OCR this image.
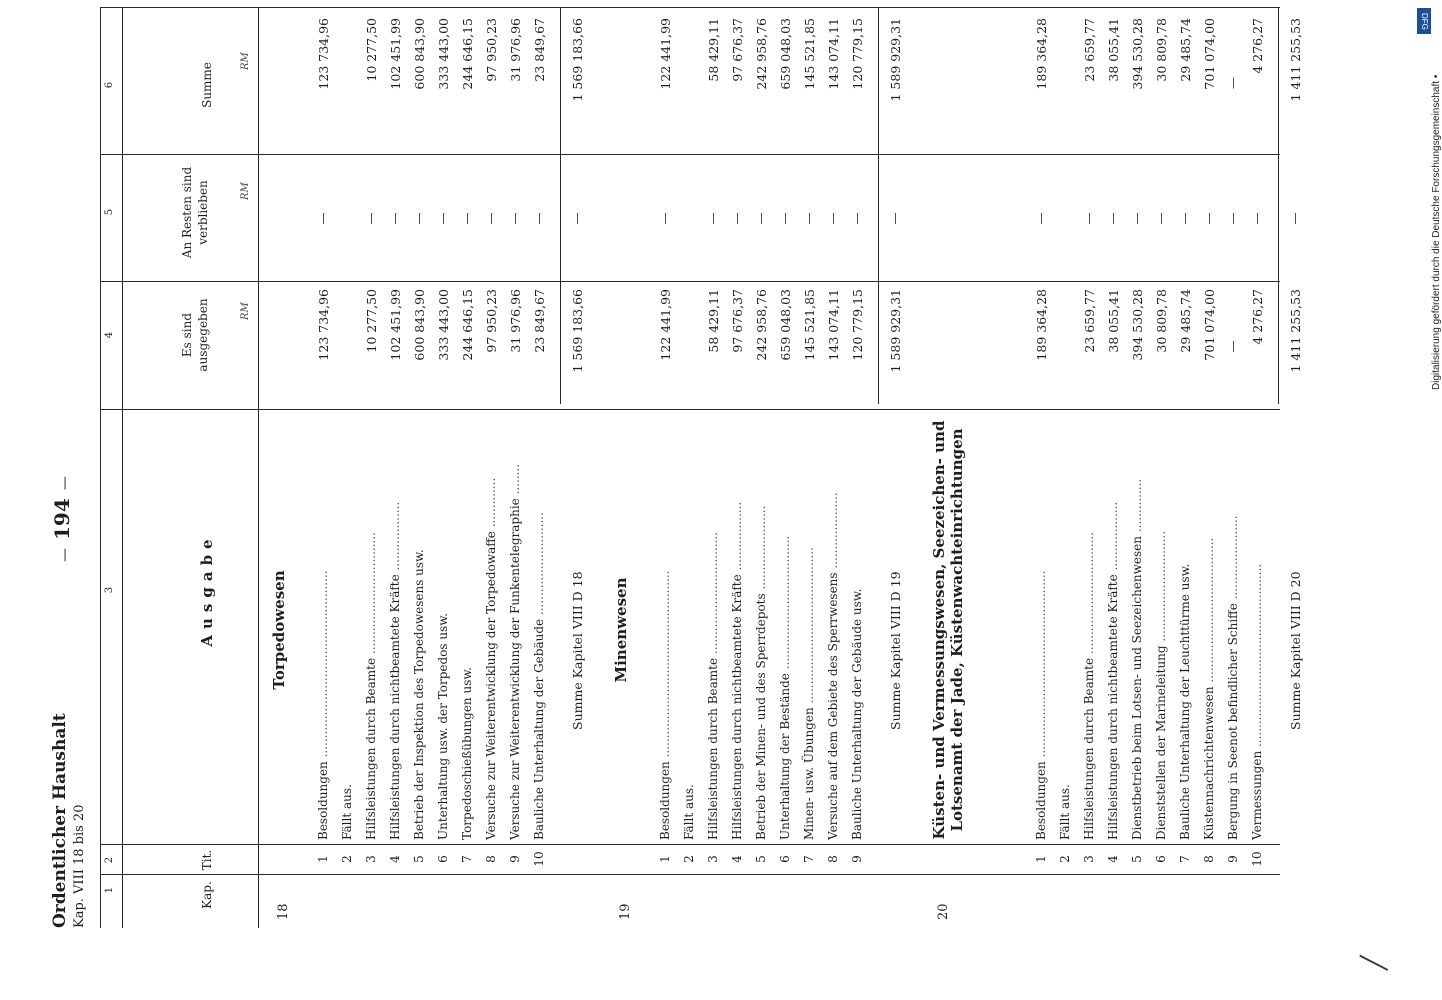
Ordentlicher Haushalt Kap. VIII 18 bis 20
— 194 —
1
2
3
4
5
6
Kap.
Tit.
Ausgabe
Es sind ausgegeben
An Resten sind verblieben
Summe
RM
RM
RM
18
Torpedowesen
1
Besoldungen .................................................
123 734,96
—
123 734,96
2
Fällt aus.
3
Hilfsleistungen durch Beamte ................................
10 277,50
—
10 277,50
4
Hilfsleistungen durch nichtbeamtete Kräfte ..................
102 451,99
—
102 451,99
5
Betrieb der Inspektion des Torpedowesens usw.
600 843,90
—
600 843,90
6
Unterhaltung usw. der Torpedos usw.
333 443,00
—
333 443,00
7
Torpedoschießübungen usw.
244 646,15
—
244 646,15
8
Versuche zur Weiterentwicklung der Torpedowaffe .............
97 950,23
—
97 950,23
9
Versuche zur Weiterentwicklung der Funkentelegraphie ........
31 976,96
—
31 976,96
10
Bauliche Unterhaltung der Gebäude ...........................
23 849,67
—
23 849,67
Summe Kapitel VIII D 18
1 569 183,66
—
1 569 183,66
19
Minenwesen
1
Besoldungen .................................................
122 441,99
—
122 441,99
2
Fällt aus.
3
Hilfsleistungen durch Beamte ................................
58 429,11
—
58 429,11
4
Hilfsleistungen durch nichtbeamtete Kräfte ..................
97 676,37
—
97 676,37
5
Betrieb der Minen- und des Sperrdepots ......................
242 958,76
—
242 958,76
6
Unterhaltung der Bestände ...................................
659 048,03
—
659 048,03
7
Minen- usw. Übungen .........................................
145 521,85
—
145 521,85
8
Versuche auf dem Gebiete des Sperrwesens ....................
143 074,11
—
143 074,11
9
Bauliche Unterhaltung der Gebäude usw.
120 779,15
—
120 779,15
Summe Kapitel VIII D 19
1 589 929,31
—
1 589 929,31
20
Küsten- und Vermessungswesen, Seezeichen- und Lotsenamt der Jade, Küstenwachteinrichtungen
1
Besoldungen .................................................
189 364,28
—
189 364,28
2
Fällt aus.
3
Hilfsleistungen durch Beamte ................................
23 659,77
—
23 659,77
4
Hilfsleistungen durch nichtbeamtete Kräfte ..................
38 055,41
—
38 055,41
5
Dienstbetrieb beim Lotsen- und Seezeichenwesen ..............
394 530,28
—
394 530,28
6
Dienststellen der Marineleitung .............................
30 809,78
—
30 809,78
7
Bauliche Unterhaltung der Leuchttürme usw.
29 485,74
—
29 485,74
8
Küstennachrichtenwesen ......................................
701 074,00
—
701 074,00
9
Bergung in Seenot befindlicher Schiffe ......................
—
—
—
10
Vermessungen ................................................
4 276,27
—
4 276,27
Summe Kapitel VIII D 20
1 411 255,53
—
1 411 255,53
╱
DFG
Digitalisierung gefördert durch die Deutsche Forschungsgemeinschaft •
